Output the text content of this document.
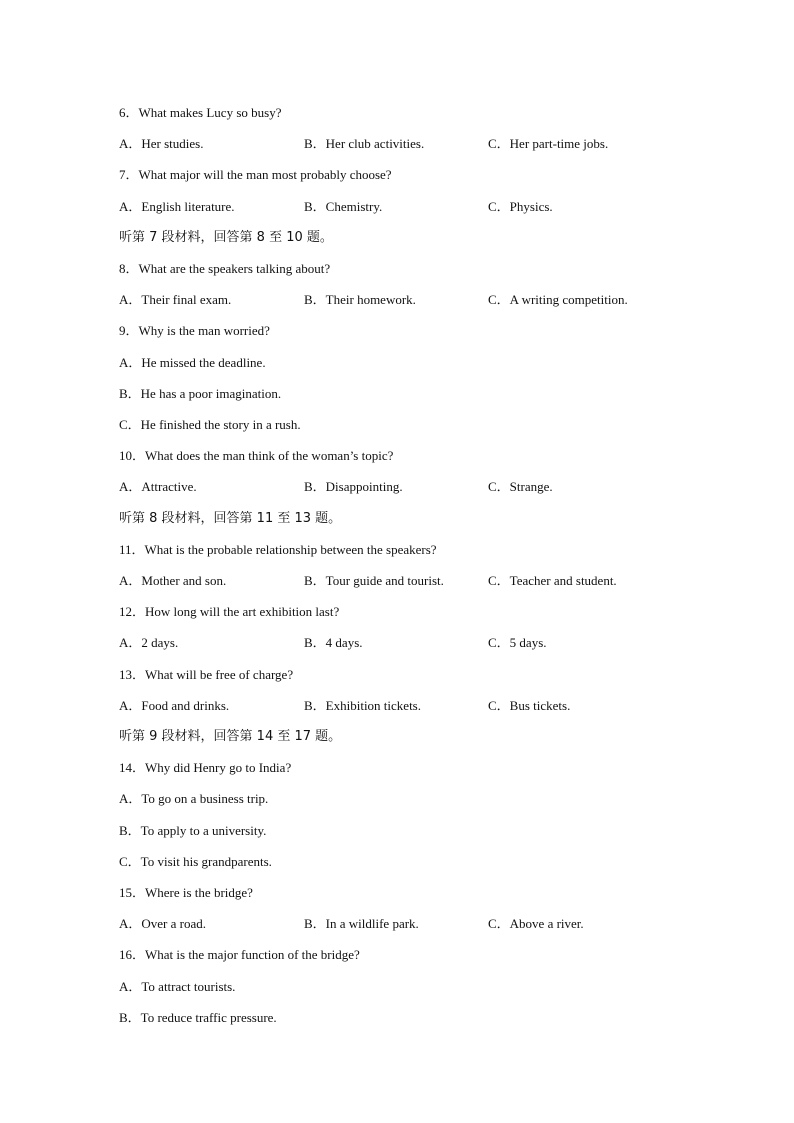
6．What makes Lucy so busy?
A．Her studies.	B．Her club activities.	C．Her part-time jobs.
7．What major will the man most probably choose?
A．English literature.	B．Chemistry.	C．Physics.
听第 7 段材料，回答第 8 至 10 题。
8．What are the speakers talking about?
A．Their final exam.	B．Their homework.	C．A writing competition.
9．Why is the man worried?
A．He missed the deadline.
B．He has a poor imagination.
C．He finished the story in a rush.
10．What does the man think of the woman’s topic?
A．Attractive.	B．Disappointing.	C．Strange.
听第 8 段材料，回答第 11 至 13 题。
11．What is the probable relationship between the speakers?
A．Mother and son.	B．Tour guide and tourist.	C．Teacher and student.
12．How long will the art exhibition last?
A．2 days.	B．4 days.	C．5 days.
13．What will be free of charge?
A．Food and drinks.	B．Exhibition tickets.	C．Bus tickets.
听第 9 段材料，回答第 14 至 17 题。
14．Why did Henry go to India?
A．To go on a business trip.
B．To apply to a university.
C．To visit his grandparents.
15．Where is the bridge?
A．Over a road.	B．In a wildlife park.	C．Above a river.
16．What is the major function of the bridge?
A．To attract tourists.
B．To reduce traffic pressure.
